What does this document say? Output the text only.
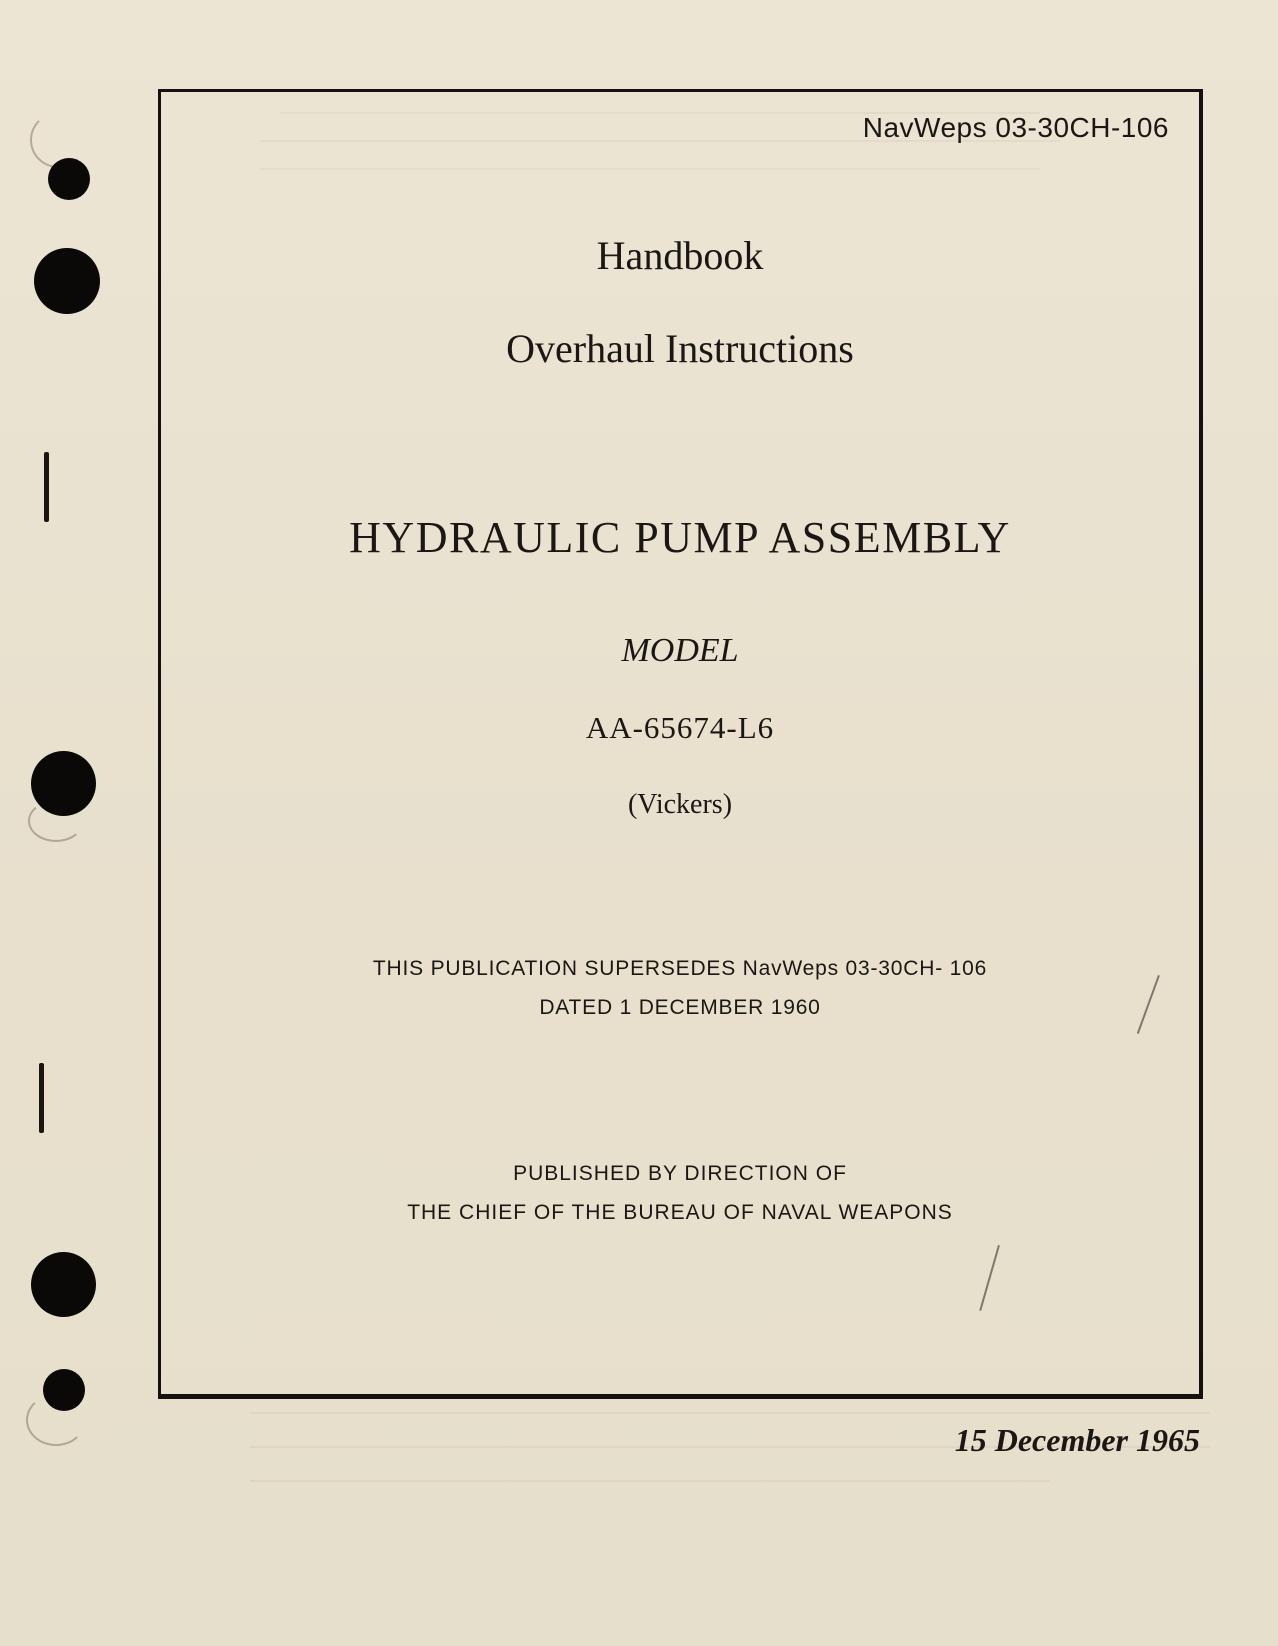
NavWeps 03-30CH-106
Handbook
Overhaul Instructions
HYDRAULIC PUMP ASSEMBLY
MODEL
AA-65674-L6
(Vickers)
THIS PUBLICATION SUPERSEDES NavWeps 03-30CH- 106
DATED 1 DECEMBER 1960
PUBLISHED BY DIRECTION OF
THE CHIEF OF THE BUREAU OF NAVAL WEAPONS
15 December 1965
